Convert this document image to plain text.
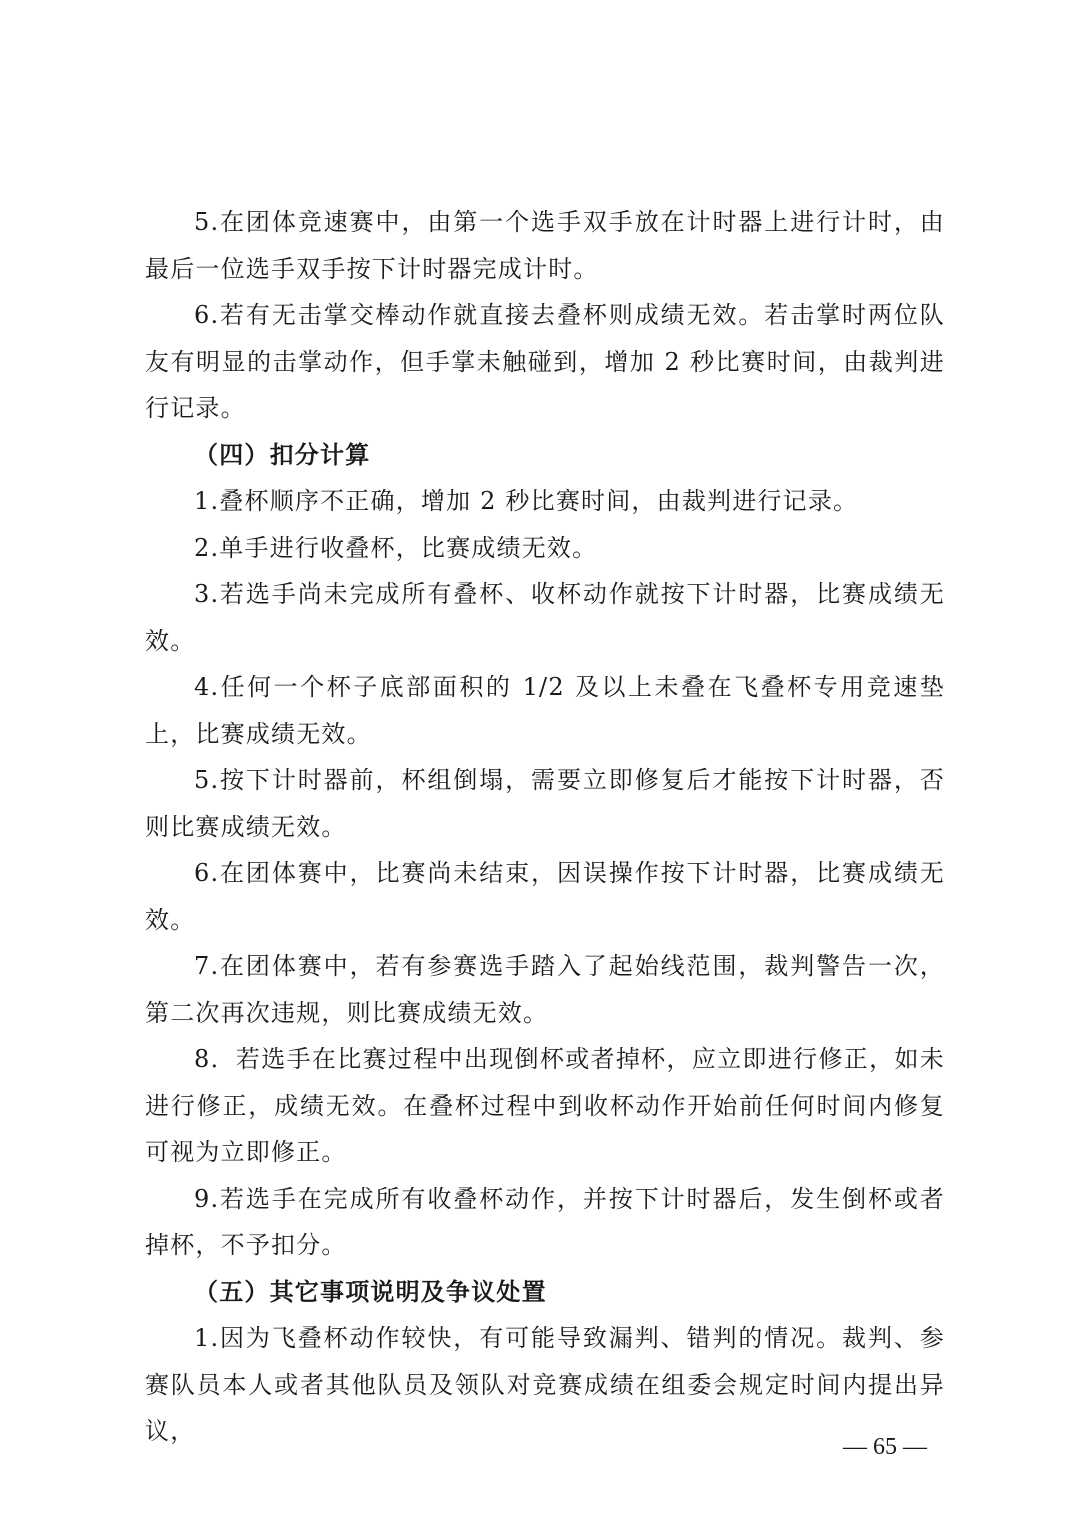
5.在团体竞速赛中，由第一个选手双手放在计时器上进行计时，由最后一位选手双手按下计时器完成计时。

6.若有无击掌交棒动作就直接去叠杯则成绩无效。若击掌时两位队友有明显的击掌动作，但手掌未触碰到，增加 2 秒比赛时间，由裁判进行记录。

（四）扣分计算

1.叠杯顺序不正确，增加 2 秒比赛时间，由裁判进行记录。

2.单手进行收叠杯，比赛成绩无效。

3.若选手尚未完成所有叠杯、收杯动作就按下计时器，比赛成绩无效。

4.任何一个杯子底部面积的 1/2 及以上未叠在飞叠杯专用竞速垫上，比赛成绩无效。

5.按下计时器前，杯组倒塌，需要立即修复后才能按下计时器，否则比赛成绩无效。

6.在团体赛中，比赛尚未结束，因误操作按下计时器，比赛成绩无效。

7.在团体赛中，若有参赛选手踏入了起始线范围，裁判警告一次，第二次再次违规，则比赛成绩无效。

8．若选手在比赛过程中出现倒杯或者掉杯，应立即进行修正，如未进行修正，成绩无效。在叠杯过程中到收杯动作开始前任何时间内修复可视为立即修正。

9.若选手在完成所有收叠杯动作，并按下计时器后，发生倒杯或者掉杯，不予扣分。

（五）其它事项说明及争议处置

1.因为飞叠杯动作较快，有可能导致漏判、错判的情况。裁判、参赛队员本人或者其他队员及领队对竞赛成绩在组委会规定时间内提出异议，

— 65 —
